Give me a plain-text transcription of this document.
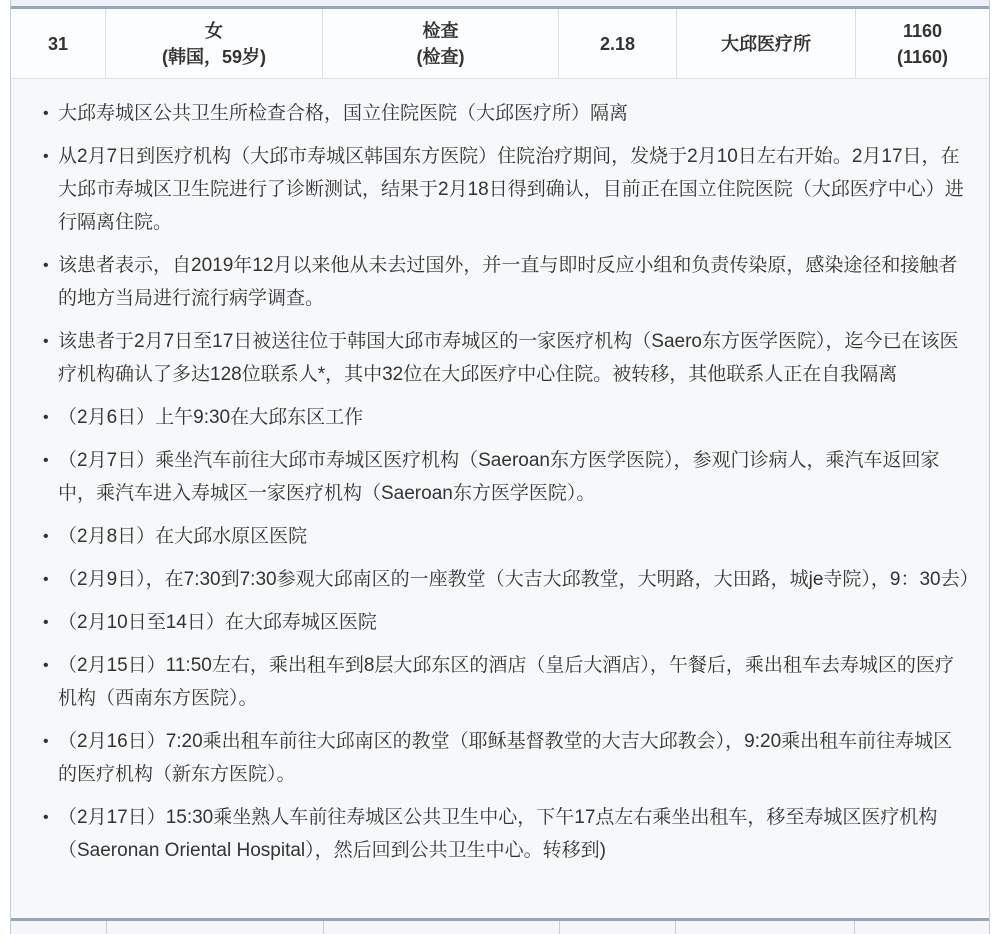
31
女
(韩国，59岁)
检查
(检查)
2.18	大邱医疗所
1160
(1160)
• 大邱寿城区公共卫生所检查合格，国立住院医院（大邱医疗所）隔离
• 从2月7日到医疗机构（大邱市寿城区韩国东方医院）住院治疗期间，发烧于2月10日左右开始。2月17日，在大邱市寿城区卫生院进行了诊断测试，结果于2月18日得到确认，目前正在国立住院医院（大邱医疗中心）进行隔离住院。
• 该患者表示，自2019年12月以来他从未去过国外，并一直与即时反应小组和负责传染原，感染途径和接触者的地方当局进行流行病学调查。
• 该患者于2月7日至17日被送往位于韩国大邱市寿城区的一家医疗机构（Saero东方医学医院），迄今已在该医疗机构确认了多达128位联系人*，其中32位在大邱医疗中心住院。被转移，其他联系人正在自我隔离
• （2月6日）上午9:30在大邱东区工作
• （2月7日）乘坐汽车前往大邱市寿城区医疗机构（Saeroan东方医学医院），参观门诊病人，乘汽车返回家中，乘汽车进入寿城区一家医疗机构（Saeroan东方医学医院）。
• （2月8日）在大邱水原区医院
• （2月9日），在7:30到7:30参观大邱南区的一座教堂（大吉大邱教堂，大明路，大田路，城je寺院），9：30去）
• （2月10日至14日）在大邱寿城区医院
• （2月15日）11:50左右，乘出租车到8层大邱东区的酒店（皇后大酒店），午餐后，乘出租车去寿城区的医疗机构（西南东方医院）。
• （2月16日）7:20乘出租车前往大邱南区的教堂（耶稣基督教堂的大吉大邱教会），9:20乘出租车前往寿城区的医疗机构（新东方医院）。
• （2月17日）15:30乘坐熟人车前往寿城区公共卫生中心，下午17点左右乘坐出租车，移至寿城区医疗机构（Saeronan Oriental Hospital），然后回到公共卫生中心。转移到)
